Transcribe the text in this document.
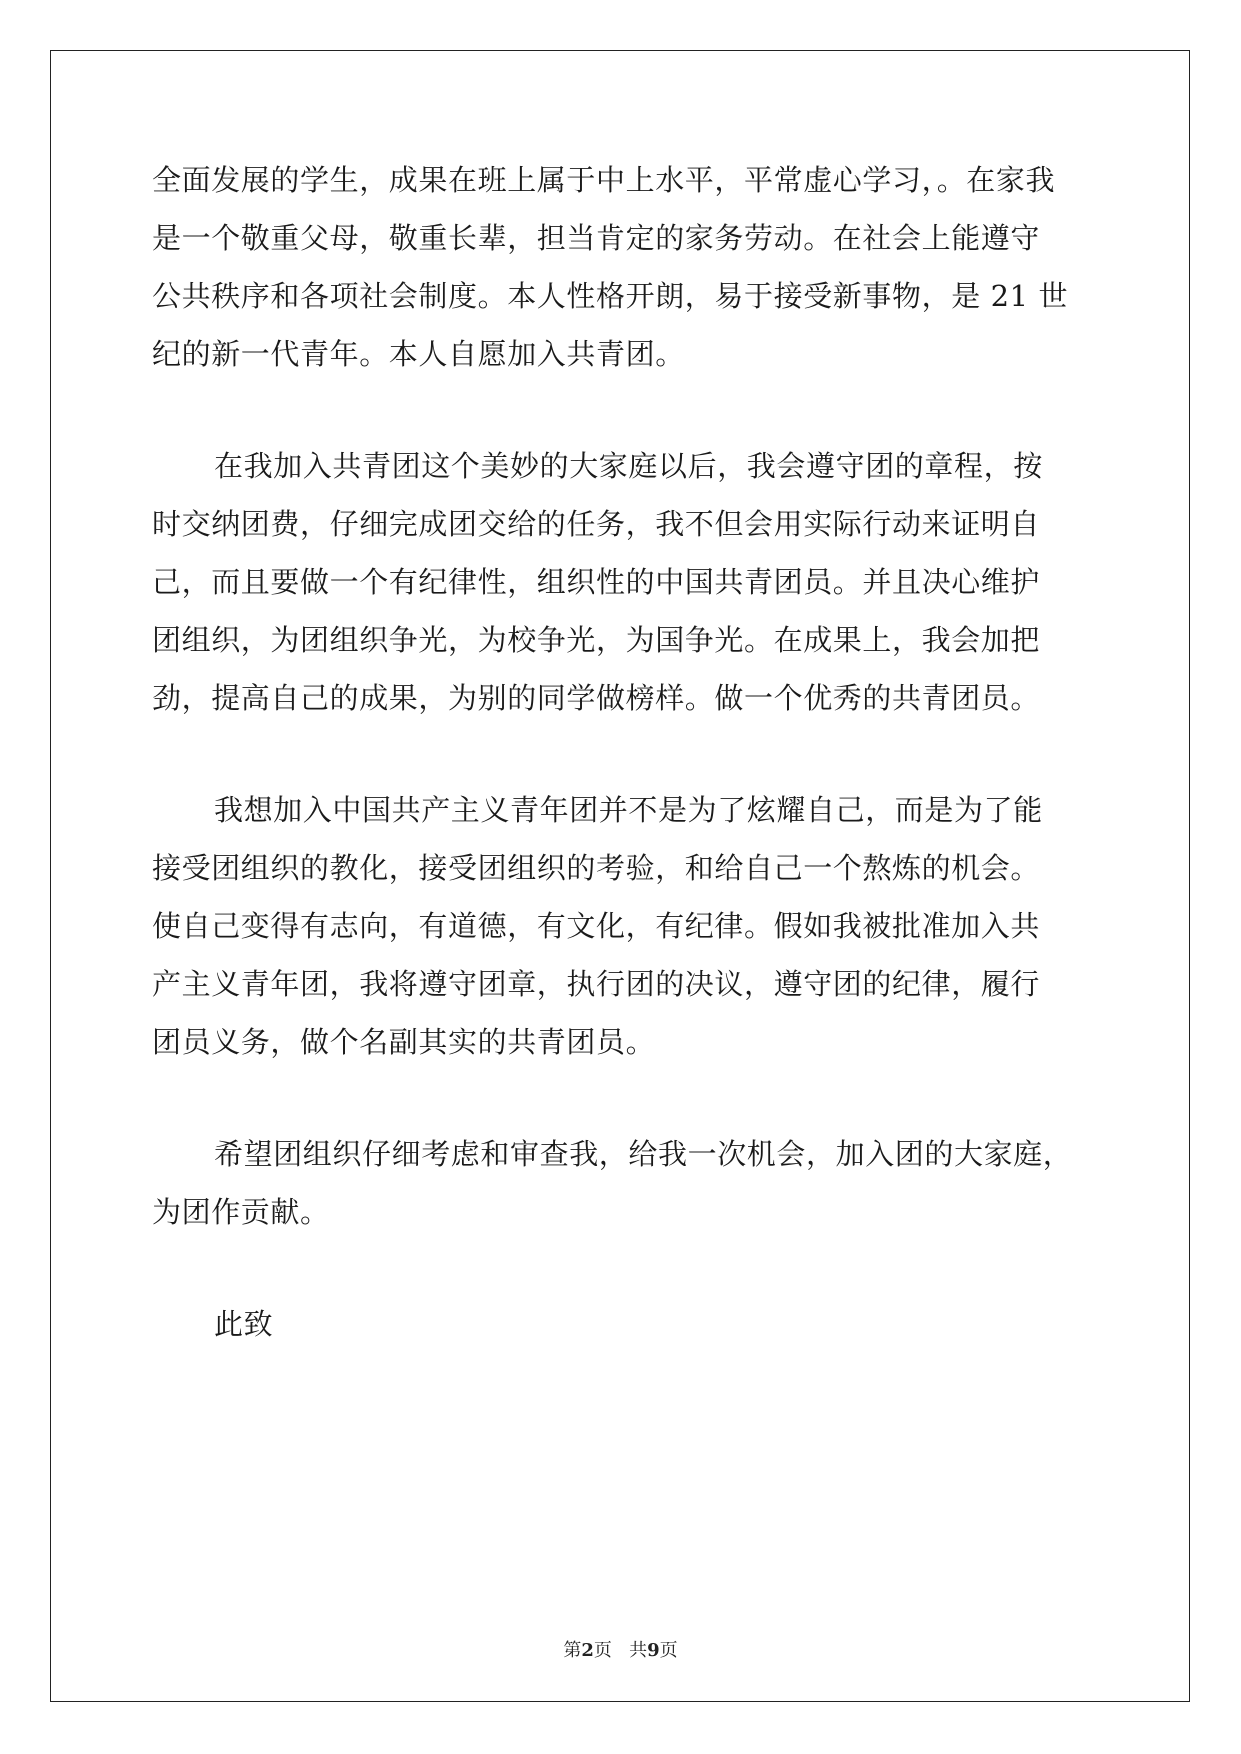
全面发展的学生，成果在班上属于中上水平，平常虚心学习，。在家我
是一个敬重父母，敬重长辈，担当肯定的家务劳动。在社会上能遵守
公共秩序和各项社会制度。本人性格开朗，易于接受新事物，是 21 世
纪的新一代青年。本人自愿加入共青团。
在我加入共青团这个美妙的大家庭以后，我会遵守团的章程，按
时交纳团费，仔细完成团交给的任务，我不但会用实际行动来证明自
己，而且要做一个有纪律性，组织性的中国共青团员。并且决心维护
团组织，为团组织争光，为校争光，为国争光。在成果上，我会加把
劲，提高自己的成果，为别的同学做榜样。做一个优秀的共青团员。
我想加入中国共产主义青年团并不是为了炫耀自己，而是为了能
接受团组织的教化，接受团组织的考验，和给自己一个熬炼的机会。
使自己变得有志向，有道德，有文化，有纪律。假如我被批准加入共
产主义青年团，我将遵守团章，执行团的决议，遵守团的纪律，履行
团员义务，做个名副其实的共青团员。
希望团组织仔细考虑和审查我，给我一次机会，加入团的大家庭，
为团作贡献。
此致
第2页 共9页
